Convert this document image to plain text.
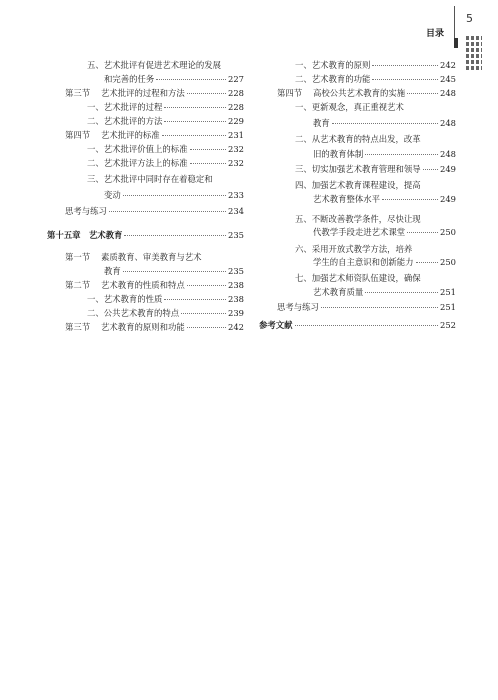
5
目录
五、艺术批评有促进艺术理论的发展
和完善的任务	227
第三节	艺术批评的过程和方法	228
一、艺术批评的过程	228
二、艺术批评的方法	229
第四节	艺术批评的标准	231
一、艺术批评价值上的标准	232
二、艺术批评方法上的标准	232
三、艺术批评中同时存在着稳定和
变动	233
思考与练习	234
第十五章　艺术教育	235
第一节 素质教育、审美教育与艺术
教育	235
第二节	艺术教育的性质和特点	238
一、艺术教育的性质	238
二、公共艺术教育的特点	239
第三节	艺术教育的原则和功能	242
一、艺术教育的原则	242
二、艺术教育的功能	245
第四节	高校公共艺术教育的实施	248
一、更新观念，真正重视艺术
教育	248
二、从艺术教育的特点出发，改革
旧的教育体制	248
三、切实加强艺术教育管理和领导 249
四、加强艺术教育课程建设，提高
艺术教育整体水平	249
五、不断改善教学条件，尽快让现
代教学手段走进艺术课堂	250
六、采用开放式教学方法，培养
学生的自主意识和创新能力	250
七、加强艺术师资队伍建设，确保
艺术教育质量	251
思考与练习	251
参考文献	252
